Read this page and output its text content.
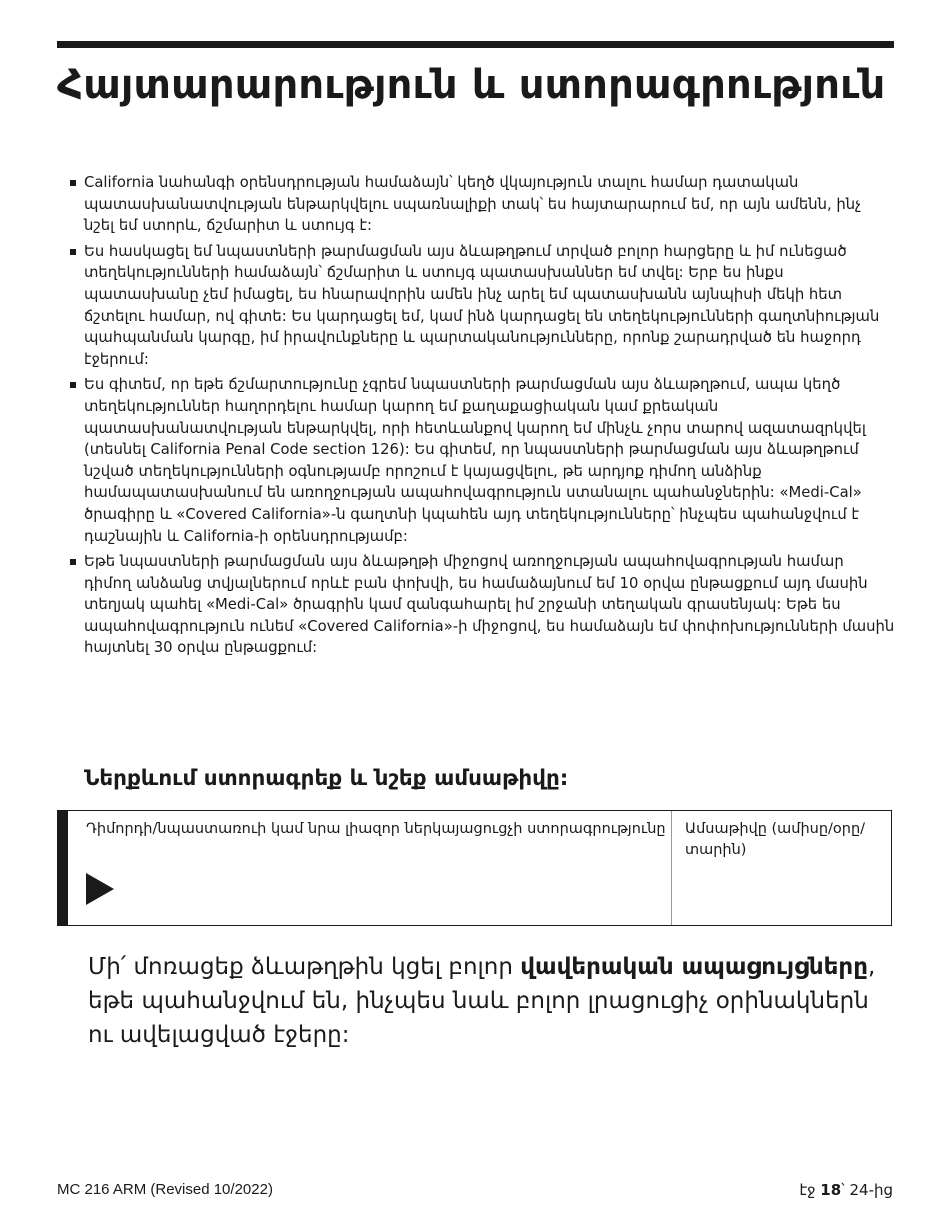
Հայտարարություն և ստորագրություն
California նահանգի օրենսդրության համաձայն՝ կեղծ վկայություն տալու համար դատական պատասխանատվության ենթարկվելու սպառնալիքի տակ՝ ես հայտարարում եմ, որ այն ամենն, ինչ նշել եմ ստորև, ճշմարիտ և ստույգ է:
Ես հասկացել եմ նպաստների թարմացման այս ձևաթղթում տրված բոլոր հարցերը և իմ ունեցած տեղեկությունների համաձայն՝ ճշմարիտ և ստույգ պատասխաններ եմ տվել: Երբ ես ինքս պատասխանը չեմ իմացել, ես հնարավորին ամեն ինչ արել եմ պատասխանն այնպիսի մեկի հետ ճշտելու համար, ով գիտե: Ես կարդացել եմ, կամ ինձ կարդացել են տեղեկությունների գաղտնիության պահպանման կարգը, իմ իրավունքները և պարտականությունները, որոնք շարադրված են հաջորդ էջերում:
Ես գիտեմ, որ եթե ճշմարտությունը չգրեմ նպաստների թարմացման այս ձևաթղթում, ապա կեղծ տեղեկություններ հաղորդելու համար կարող եմ քաղաքացիական կամ քրեական պատասխանատվության ենթարկվել, որի հետևանքով կարող եմ մինչև չորս տարով ազատազրկվել (տեսնել California Penal Code section 126): Ես գիտեմ, որ նպաստների թարմացման այս ձևաթղթում նշված տեղեկությունների օգնությամբ որոշում է կայացվելու, թե արդյոք դիմող անձինք համապատասխանում են առողջության ապահովագրություն ստանալու պահանջներին: «Medi-Cal» ծրագիրը և «Covered California»-ն գաղտնի կպահեն այդ տեղեկությունները՝ ինչպես պահանջվում է դաշնային և California-ի օրենսդրությամբ:
Եթե նպաստների թարմացման այս ձևաթղթի միջոցով առողջության ապահովագրության համար դիմող անձանց տվյալներում որևէ բան փոխվի, ես համաձայնում եմ 10 օրվա ընթացքում այդ մասին տեղյակ պահել «Medi-Cal» ծրագրին կամ զանգահարել իմ շրջանի տեղական գրասենյակ: Եթե ես ապահովագրություն ունեմ «Covered California»-ի միջոցով, ես համաձայն եմ փոփոխությունների մասին հայտնել 30 օրվա ընթացքում:
Ներքևում ստորագրեք և նշեք ամսաթիվը:
Դիմորդի/նպաստառուի կամ նրա լիազոր ներկայացուցչի ստորագրությունը Ամսաթիվը (ամիսը/օրը/տարին)

Մի՛ մոռացեք ձևաթղթին կցել բոլոր վավերական ապացույցները, եթե պահանջվում են, ինչպես նաև բոլոր լրացուցիչ օրինակներն ու ավելացված էջերը:

MC 216 ARM (Revised 10/2022)	էջ 18՝ 24-ից
